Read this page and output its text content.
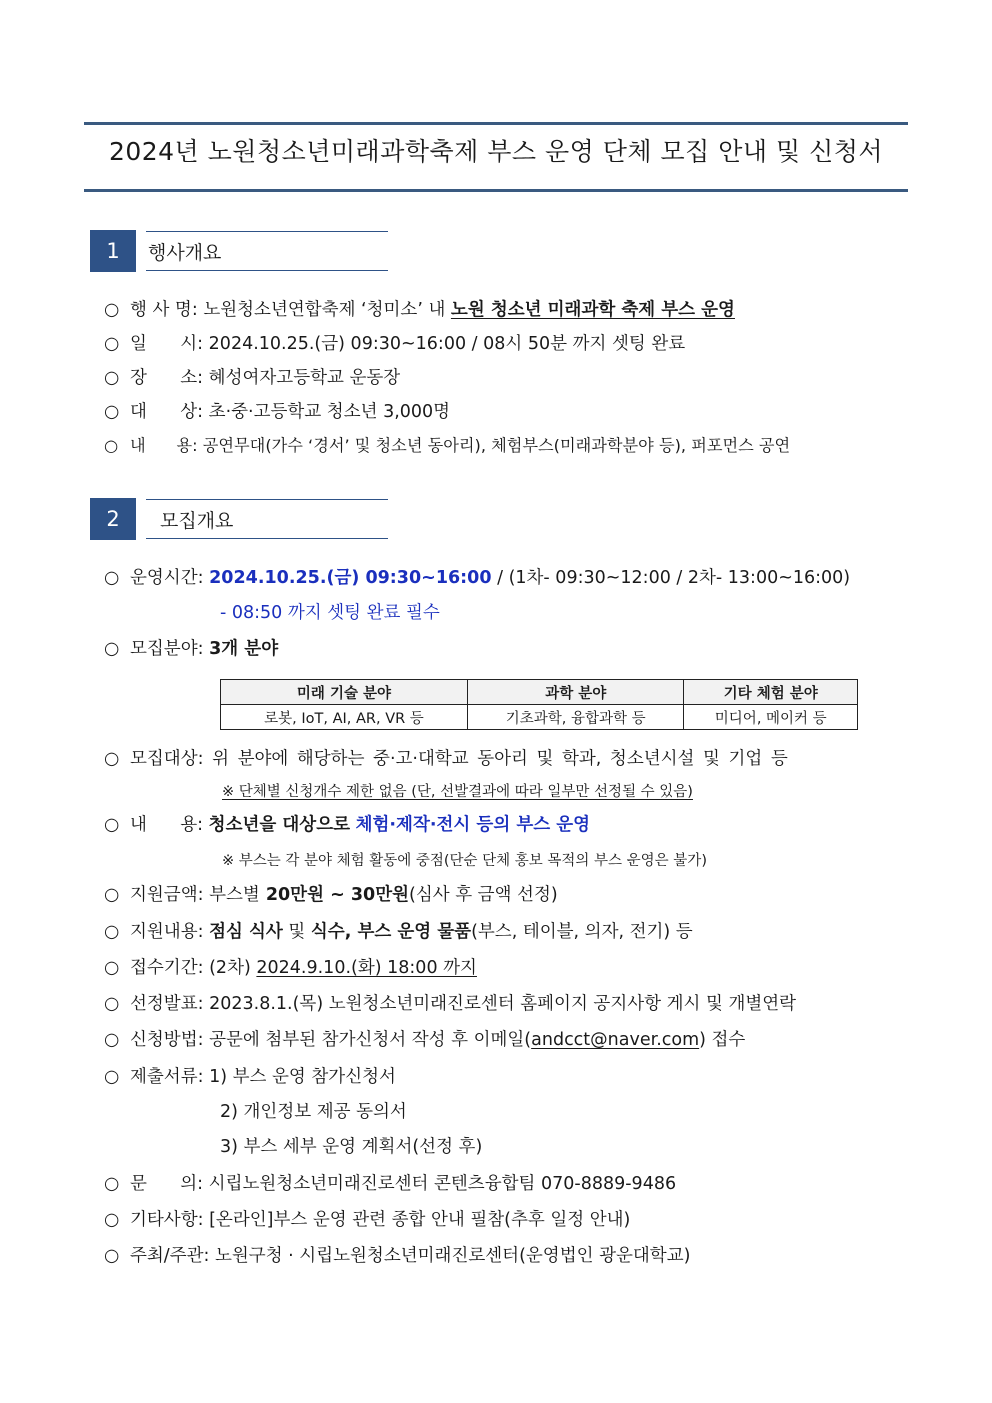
2024년 노원청소년미래과학축제 부스 운영 단체 모집 안내 및 신청서
1	행사개요
○ 행 사 명: 노원청소년연합축제 ‘청미소’ 내 노원 청소년 미래과학 축제 부스 운영
○ 일      시: 2024.10.25.(금) 09:30~16:00 / 08시 50분 까지 셋팅 완료
○ 장      소: 혜성여자고등학교 운동장
○ 대      상: 초·중·고등학교 청소년 3,000명
○ 내      용: 공연무대(가수 ‘경서’ 및 청소년 동아리), 체험부스(미래과학분야 등), 퍼포먼스 공연
2	모집개요
○ 운영시간: 2024.10.25.(금) 09:30~16:00 / (1차- 09:30~12:00 / 2차- 13:00~16:00)
- 08:50 까지 셋팅 완료 필수
○ 모집분야: 3개 분야
미래 기술 분야	과학 분야	기타 체험 분야
로봇, IoT, AI, AR, VR 등	기초과학, 융합과학 등	미디어, 메이커 등
○ 모집대상: 위 분야에 해당하는 중·고·대학교 동아리 및 학과, 청소년시설 및 기업 등
※ 단체별 신청개수 제한 없음 (단, 선발결과에 따라 일부만 선정될 수 있음)
○ 내      용: 청소년을 대상으로 체험·제작·전시 등의 부스 운영
※ 부스는 각 분야 체험 활동에 중점(단순 단체 홍보 목적의 부스 운영은 불가)
○ 지원금액: 부스별 20만원 ~ 30만원(심사 후 금액 선정)
○ 지원내용: 점심 식사 및 식수, 부스 운영 물품(부스, 테이블, 의자, 전기) 등
○ 접수기간: (2차) 2024.9.10.(화) 18:00 까지
○ 선정발표: 2023.8.1.(목) 노원청소년미래진로센터 홈페이지 공지사항 게시 및 개별연락
○ 신청방법: 공문에 첨부된 참가신청서 작성 후 이메일(andcct@naver.com) 접수
○ 제출서류: 1) 부스 운영 참가신청서
2) 개인정보 제공 동의서
3) 부스 세부 운영 계획서(선정 후)
○ 문      의: 시립노원청소년미래진로센터 콘텐츠융합팀 070-8889-9486
○ 기타사항: [온라인]부스 운영 관련 종합 안내 필참(추후 일정 안내)
○ 주최/주관: 노원구청 · 시립노원청소년미래진로센터(운영법인 광운대학교)
